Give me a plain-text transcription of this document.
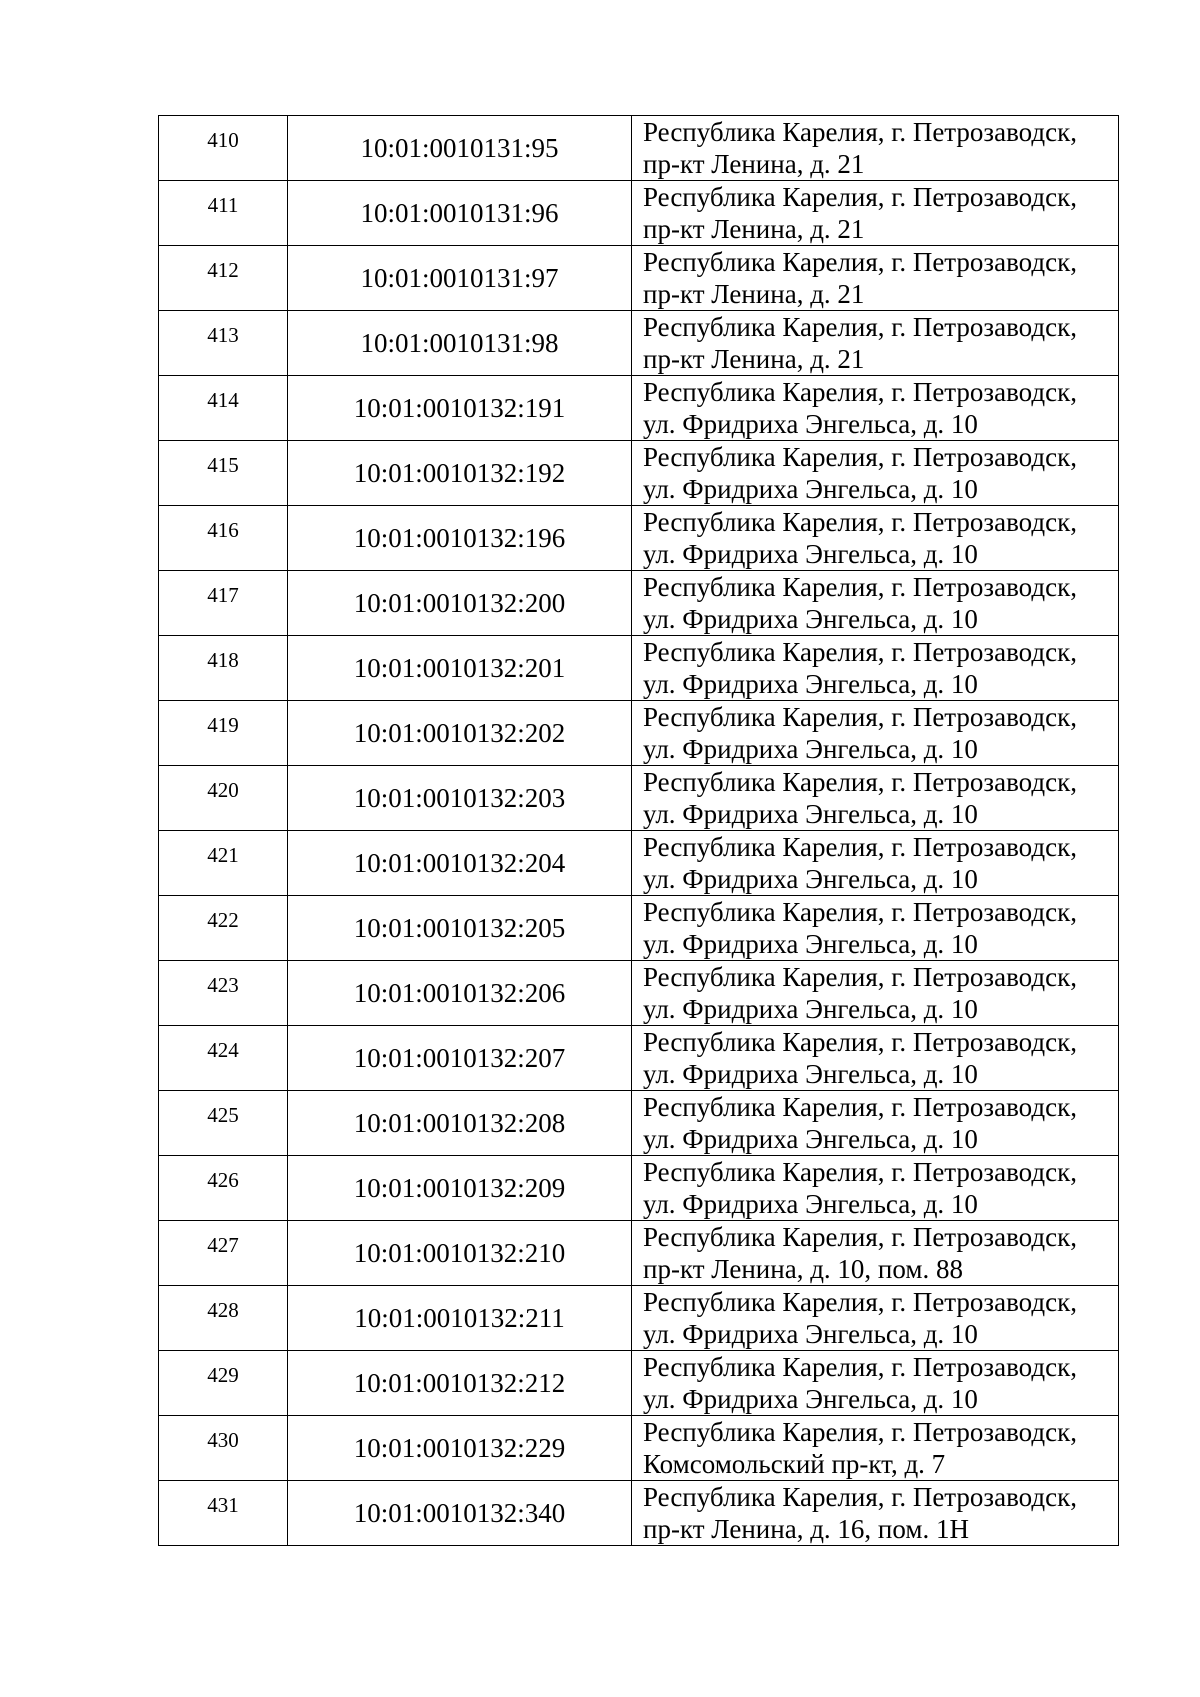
410	10:01:0010131:95	Республика Карелия, г. Петрозаводск,
пр-кт Ленина, д. 21

411	10:01:0010131:96	Республика Карелия, г. Петрозаводск,
пр-кт Ленина, д. 21

412	10:01:0010131:97	Республика Карелия, г. Петрозаводск,
пр-кт Ленина, д. 21

413	10:01:0010131:98	Республика Карелия, г. Петрозаводск,
пр-кт Ленина, д. 21

414	10:01:0010132:191	Республика Карелия, г. Петрозаводск,
ул. Фридриха Энгельса, д. 10

415	10:01:0010132:192	Республика Карелия, г. Петрозаводск,
ул. Фридриха Энгельса, д. 10

416	10:01:0010132:196	Республика Карелия, г. Петрозаводск,
ул. Фридриха Энгельса, д. 10

417	10:01:0010132:200	Республика Карелия, г. Петрозаводск,
ул. Фридриха Энгельса, д. 10

418	10:01:0010132:201	Республика Карелия, г. Петрозаводск,
ул. Фридриха Энгельса, д. 10

419	10:01:0010132:202	Республика Карелия, г. Петрозаводск,
ул. Фридриха Энгельса, д. 10

420	10:01:0010132:203	Республика Карелия, г. Петрозаводск,
ул. Фридриха Энгельса, д. 10

421	10:01:0010132:204	Республика Карелия, г. Петрозаводск,
ул. Фридриха Энгельса, д. 10

422	10:01:0010132:205	Республика Карелия, г. Петрозаводск,
ул. Фридриха Энгельса, д. 10

423	10:01:0010132:206	Республика Карелия, г. Петрозаводск,
ул. Фридриха Энгельса, д. 10

424	10:01:0010132:207	Республика Карелия, г. Петрозаводск,
ул. Фридриха Энгельса, д. 10

425	10:01:0010132:208	Республика Карелия, г. Петрозаводск,
ул. Фридриха Энгельса, д. 10

426	10:01:0010132:209	Республика Карелия, г. Петрозаводск,
ул. Фридриха Энгельса, д. 10

427	10:01:0010132:210	Республика Карелия, г. Петрозаводск,
пр-кт Ленина, д. 10, пом. 88

428	10:01:0010132:211	Республика Карелия, г. Петрозаводск,
ул. Фридриха Энгельса, д. 10

429	10:01:0010132:212	Республика Карелия, г. Петрозаводск,
ул. Фридриха Энгельса, д. 10

430	10:01:0010132:229	Республика Карелия, г. Петрозаводск,
Комсомольский пр-кт, д. 7

431	10:01:0010132:340	Республика Карелия, г. Петрозаводск,
пр-кт Ленина, д. 16, пом. 1Н
